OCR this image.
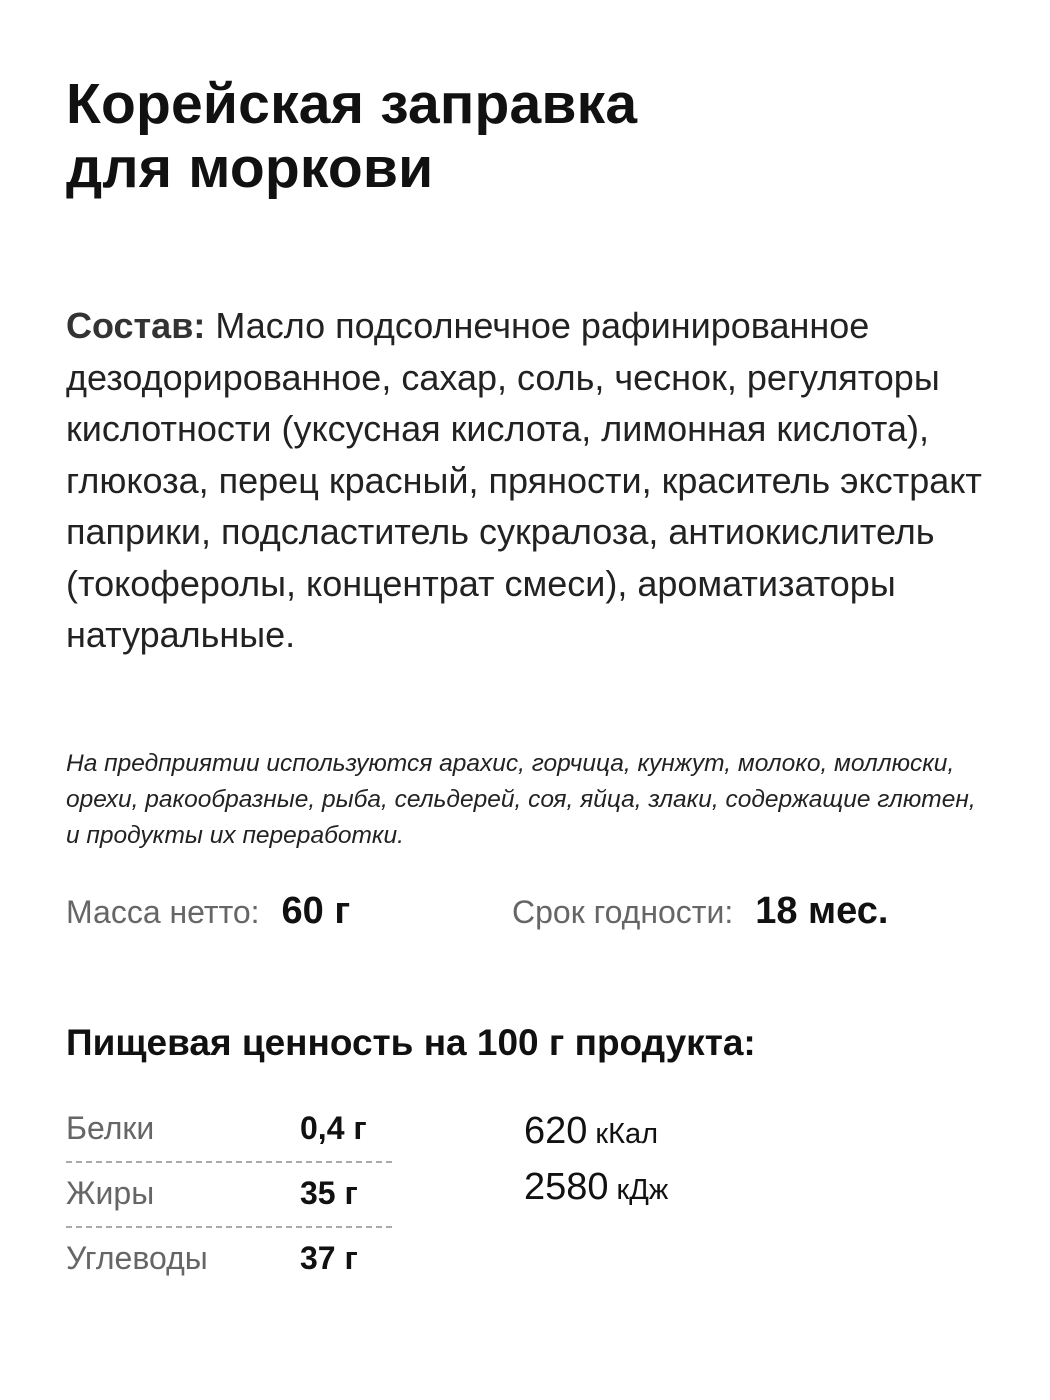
Корейская заправка
для моркови
Состав: Масло подсолнечное рафинированное дезодорированное, сахар, соль, чеснок, регуляторы кислотности (уксусная кислота, лимонная кислота), глюкоза, перец красный, пряности, краситель экстракт паприки, подсластитель сукралоза, антиокислитель (токоферолы, концентрат смеси), ароматизаторы натуральные.
На предприятии используются арахис, горчица, кунжут, молоко, моллюски, орехи, ракообразные, рыба, сельдерей, соя, яйца, злаки, содержащие глютен, и продукты их переработки.
Масса нетто: 60 г	Срок годности: 18 мес.
Пищевая ценность на 100 г продукта:
Белки	0,4 г
Жиры	35 г
Углеводы	37 г
620 кКал
2580 кДж
